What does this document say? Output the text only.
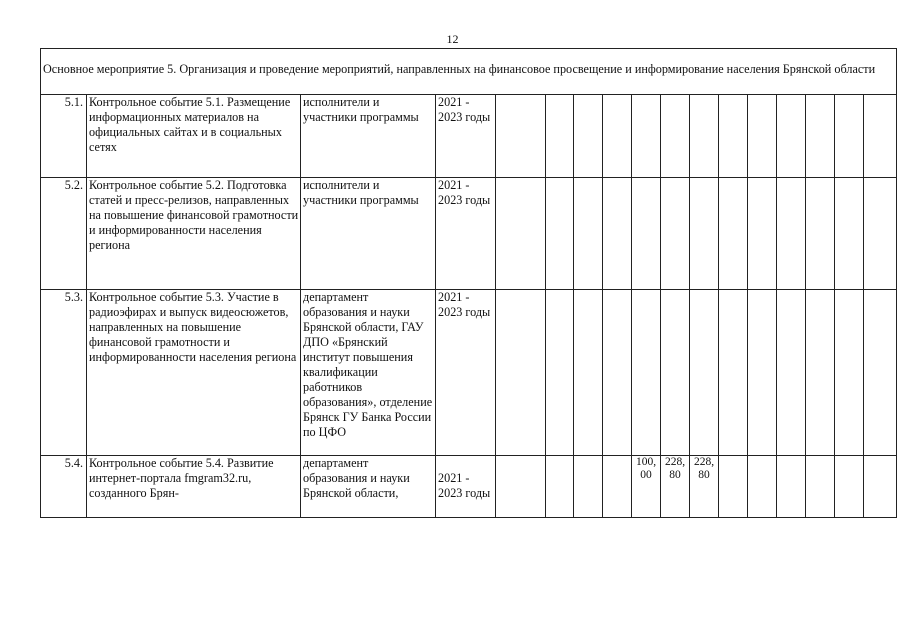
12
Основное мероприятие 5. Организация и проведение мероприятий, направленных на финансовое просвещение и информирование населения Брянской области																
5.1.	Контрольное событие 5.1. Размещение информационных материалов на официальных сайтах и в социальных сетях	исполнители и участники программы	2021 - 2023 годы													
5.2.	Контрольное событие 5.2. Подготовка статей и пресс-релизов, направленных на повышение финансовой грамотности и информированности населения региона	исполнители и участники программы	2021 - 2023 годы													
5.3.	Контрольное событие 5.3. Участие в радиоэфирах и выпуск видеосюжетов, направленных на повышение финансовой грамотности и информированности населения региона	департамент образования и науки Брянской области, ГАУ ДПО «Брянский институт повышения квалификации работников образования», отделение Брянск ГУ Банка России по ЦФО	2021 - 2023 годы													
5.4.	Контрольное событие 5.4. Развитие интернет-портала fmgram32.ru, созданного Брян-	департамент образования и науки Брянской области,	2021 - 2023 годы					100, 00	228, 80	228, 80						
